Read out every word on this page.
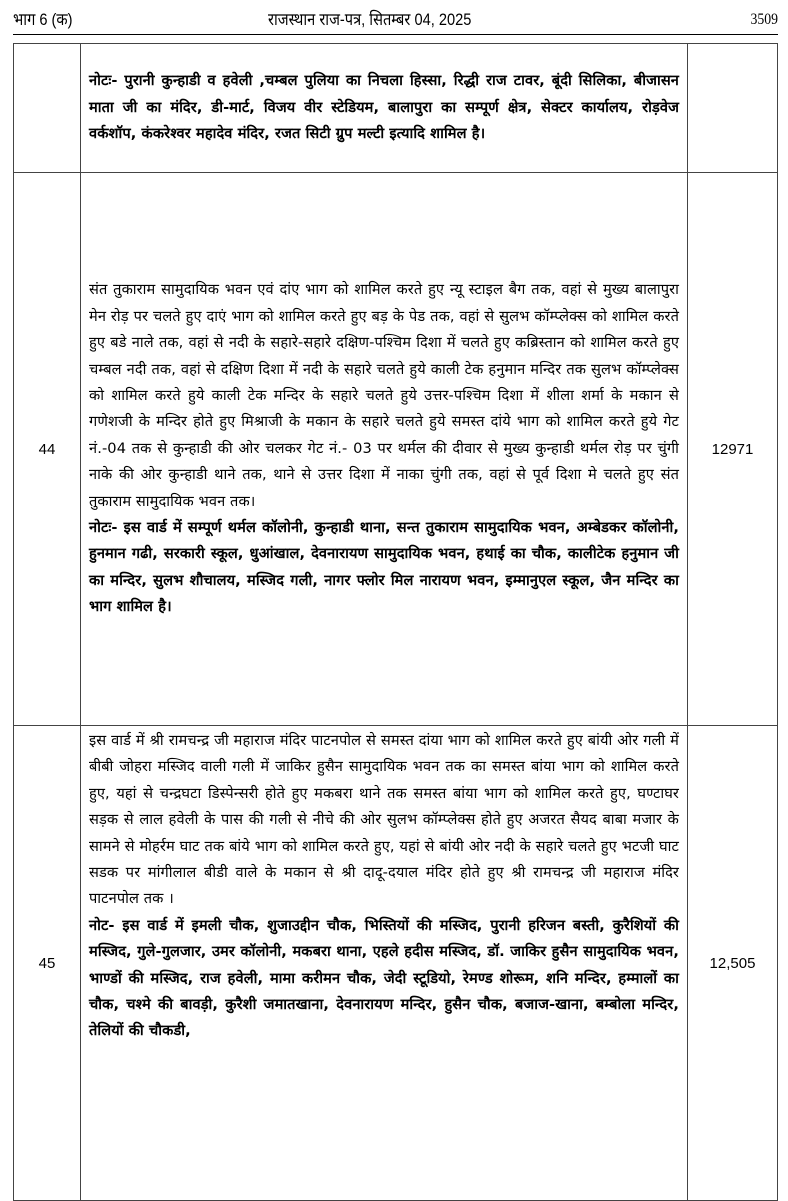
भाग 6 (क)	राजस्थान राज-पत्र, सितम्बर 04, 2025	3509

	नोटः- पुरानी कुन्हाडी व हवेली ,चम्बल पुलिया का निचला हिस्सा, रिद्धी राज टावर, बूंदी सिलिका, बीजासन माता जी का मंदिर, डी-मार्ट, विजय वीर स्टेडियम, बालापुरा का सम्पूर्ण क्षेत्र, सेक्टर कार्यालय, रोड़वेज वर्कशॉप, कंकरेश्वर महादेव मंदिर, रजत सिटी ग्रुप मल्टी इत्यादि शामिल है।	

44	संत तुकाराम सामुदायिक भवन एवं दांए भाग को शामिल करते हुए न्यू स्टाइल बैग तक, वहां से मुख्य बालापुरा मेन रोड़ पर चलते हुए दाएं भाग को शामिल करते हुए बड़ के पेड तक, वहां से सुलभ कॉम्प्लेक्स को शामिल करते हुए बडे नाले तक, वहां से नदी के सहारे-सहारे दक्षिण-पश्चिम दिशा में चलते हुए कब्रिस्तान को शामिल करते हुए चम्बल नदी तक, वहां से दक्षिण दिशा में नदी के सहारे चलते हुये काली टेक हनुमान मन्दिर तक सुलभ कॉम्प्लेक्स को शामिल करते हुये काली टेक मन्दिर के सहारे चलते हुये उत्तर-पश्चिम दिशा में शीला शर्मा के मकान से गणेशजी के मन्दिर होते हुए मिश्राजी के मकान के सहारे चलते हुये समस्त दांये भाग को शामिल करते हुये गेट नं.-04 तक से कुन्हाडी की ओर चलकर गेट नं.- 03 पर थर्मल की दीवार से मुख्य कुन्हाडी थर्मल रोड़ पर चुंगी नाके की ओर कुन्हाडी थाने तक, थाने से उत्तर दिशा में नाका चुंगी तक, वहां से पूर्व दिशा मे चलते हुए संत तुकाराम सामुदायिक भवन तक।
नोटः- इस वार्ड में सम्पूर्ण थर्मल कॉलोनी, कुन्हाडी थाना, सन्त तुकाराम सामुदायिक भवन, अम्बेडकर कॉलोनी, हुनमान गढी, सरकारी स्कूल, धुआंखाल, देवनारायण सामुदायिक भवन, हथाई का चौक, कालीटेक हनुमान जी का मन्दिर, सुलभ शौचालय, मस्जिद गली, नागर फ्लोर मिल नारायण भवन, इम्मानुएल स्कूल, जैन मन्दिर का भाग शामिल है।	12971
45	इस वार्ड में श्री रामचन्द्र जी महाराज मंदिर पाटनपोल से समस्त दांया भाग को शामिल करते हुए बांयी ओर गली में बीबी जोहरा मस्जिद वाली गली में जाकिर हुसैन सामुदायिक भवन तक का समस्त बांया भाग को शामिल करते हुए, यहां से चन्द्रघटा डिस्पेन्सरी होते हुए मकबरा थाने तक समस्त बांया भाग को शामिल करते हुए, घण्टाघर सड़क से लाल हवेली के पास की गली से नीचे की ओर सुलभ कॉम्प्लेक्स होते हुए अजरत सैयद बाबा मजार के सामने से मोहर्रम घाट तक बांये भाग को शामिल करते हुए, यहां से बांयी ओर नदी के सहारे चलते हुए भटजी घाट सडक पर मांगीलाल बीडी वाले के मकान से श्री दादू-दयाल मंदिर होते हुए श्री रामचन्द्र जी महाराज मंदिर पाटनपोल तक ।
नोट- इस वार्ड में इमली चौक, शुजाउद्दीन चौक, भिस्तियों की मस्जिद, पुरानी हरिजन बस्ती, कुरैशियों की मस्जिद, गुले-गुलजार, उमर कॉलोनी, मकबरा थाना, एहले हदीस मस्जिद, डॉ. जाकिर हुसैन सामुदायिक भवन, भाण्डों की मस्जिद, राज हवेली, मामा करीमन चौक, जेदी स्टूडियो, रेमण्ड शोरूम, शनि मन्दिर, हम्मालों का चौक, चश्मे की बावड़ी, कुरैशी जमातखाना, देवनारायण मन्दिर, हुसैन चौक, बजाज-खाना, बम्बोला मन्दिर, तेलियों की चौकडी,	12,505
